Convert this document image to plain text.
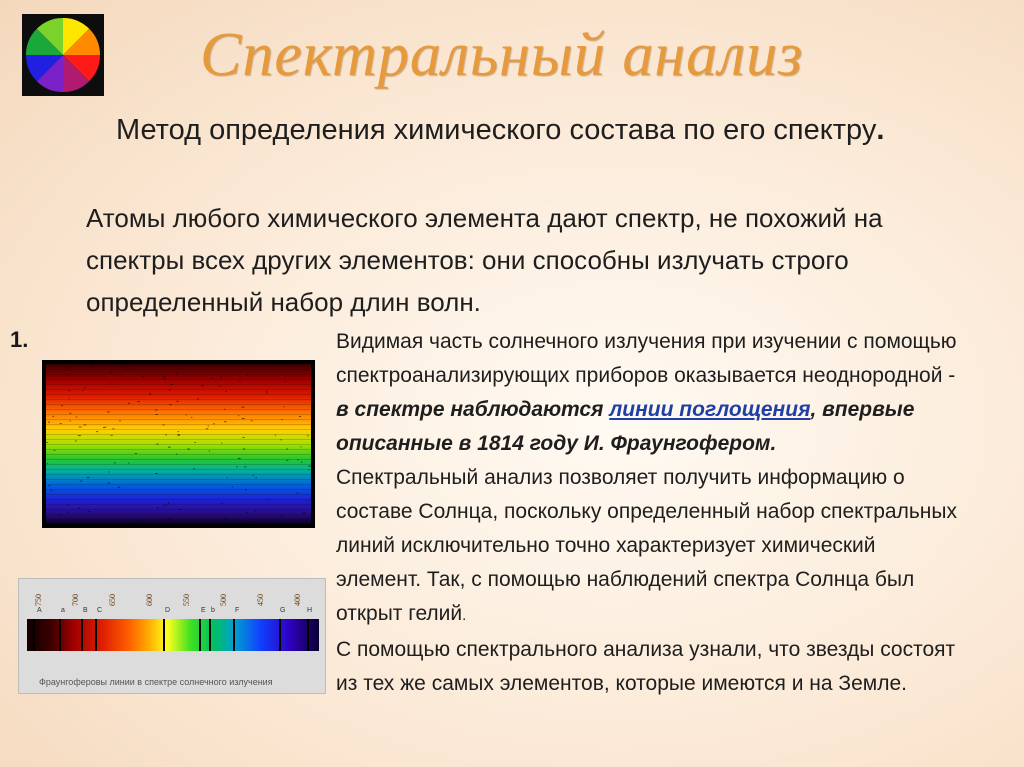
Спектральный анализ
Метод определения химического состава по его спектру.
Атомы любого химического элемента дают спектр, не похожий на
спектры всех других элементов: они способны излучать строго
определенный набор длин волн.
1.
750	700	650	600	550	500	450	400
A	a	B C	D	E b	F	G	H
Фраунгоферовы линии в спектре солнечного излучения

Видимая часть солнечного излучения при изучении с помощью

спектроанализирующих приборов оказывается неоднородной -

в спектре наблюдаются линии поглощения, впервые

описанные в 1814 году И. Фраунгофером.

Спектральный анализ позволяет получить информацию о

составе Солнца, поскольку определенный набор спектральных

линий исключительно точно характеризует химический

элемент. Так, с помощью наблюдений спектра Солнца был

открыт гелий.

С помощью спектрального анализа узнали, что звезды состоят

из тех же самых элементов, которые имеются и на Земле.
